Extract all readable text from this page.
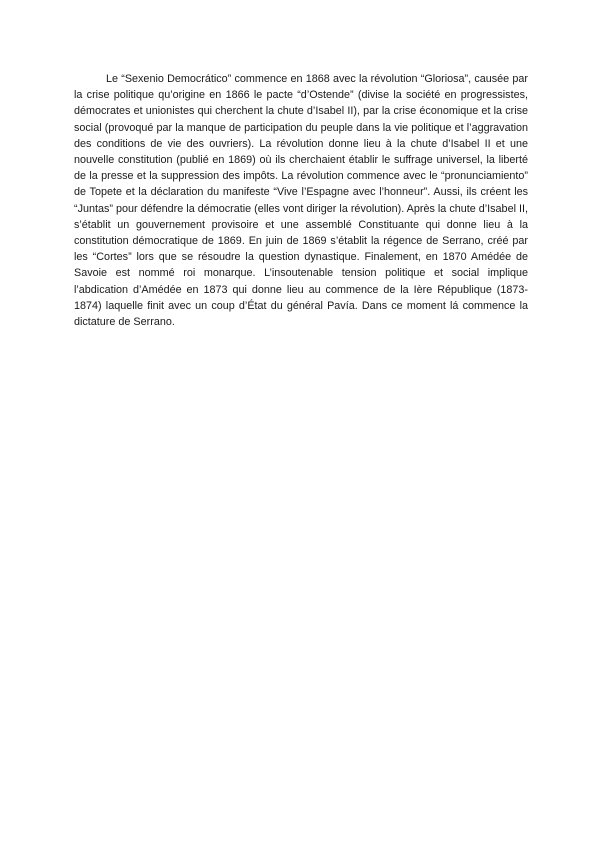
Le “Sexenio Democrático” commence en 1868 avec la révolution “Gloriosa”, causée par la crise politique qu’origine en 1866 le pacte “d’Ostende” (divise la société en progressistes, démocrates et unionistes qui cherchent la chute d’Isabel II), par la crise économique et la crise social (provoqué par la manque de participation du peuple dans la vie politique et l’aggravation des conditions de vie des ouvriers). La révolution donne lieu à la chute d’Isabel II et une nouvelle constitution (publié en 1869) où ils cherchaient établir le suffrage universel, la liberté de la presse et la suppression des impôts. La révolution commence avec le “pronunciamiento” de Topete et la déclaration du manifeste “Vive l’Espagne avec l’honneur”. Aussi, ils créent les “Juntas” pour défendre la démocratie (elles vont diriger la révolution). Après la chute d’Isabel II, s’établit un gouvernement provisoire et une assemblé Constituante qui donne lieu à la constitution démocratique de 1869. En juin de 1869 s’établit la régence de Serrano, créé par les “Cortes” lors que se résoudre la question dynastique. Finalement, en 1870 Amédée de Savoie est nommé roi monarque. L’insoutenable tension politique et social implique l’abdication d’Amédée en 1873 qui donne lieu au commence de la Ière République (1873-1874) laquelle finit avec un coup d’État du général Pavía. Dans ce moment lá commence la dictature de Serrano.
